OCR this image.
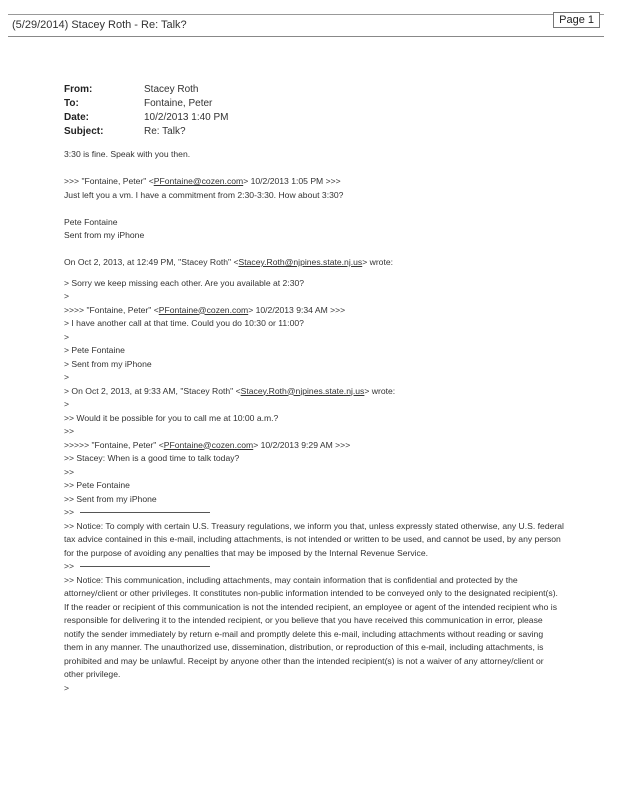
(5/29/2014) Stacey Roth - Re: Talk?	Page 1
From:	Stacey Roth
To:	Fontaine, Peter
Date:	10/2/2013 1:40 PM
Subject:	Re: Talk?
3:30 is fine. Speak with you then.
>>> "Fontaine, Peter" <PFontaine@cozen.com> 10/2/2013 1:05 PM >>>
Just left you a vm. I have a commitment from 2:30-3:30. How about 3:30?
Pete Fontaine
Sent from my iPhone
On Oct 2, 2013, at 12:49 PM, "Stacey Roth" <Stacey.Roth@njpines.state.nj.us> wrote:
> Sorry we keep missing each other. Are you available at 2:30?
>
>>>> "Fontaine, Peter" <PFontaine@cozen.com> 10/2/2013 9:34 AM >>>
> I have another call at that time. Could you do 10:30 or 11:00?
>
> Pete Fontaine
> Sent from my iPhone
>
> On Oct 2, 2013, at 9:33 AM, "Stacey Roth" <Stacey.Roth@njpines.state.nj.us> wrote:
>
>> Would it be possible for you to call me at 10:00 a.m.?
>>
>>>>> "Fontaine, Peter" <PFontaine@cozen.com> 10/2/2013 9:29 AM >>>
>> Stacey: When is a good time to talk today?
>>
>> Pete Fontaine
>> Sent from my iPhone
>>
>> Notice: To comply with certain U.S. Treasury regulations, we inform you that, unless expressly stated otherwise, any U.S. federal tax advice contained in this e-mail, including attachments, is not intended or written to be used, and cannot be used, by any person for the purpose of avoiding any penalties that may be imposed by the Internal Revenue Service.
>>
>> Notice: This communication, including attachments, may contain information that is confidential and protected by the attorney/client or other privileges. It constitutes non-public information intended to be conveyed only to the designated recipient(s). If the reader or recipient of this communication is not the intended recipient, an employee or agent of the intended recipient who is responsible for delivering it to the intended recipient, or you believe that you have received this communication in error, please notify the sender immediately by return e-mail and promptly delete this e-mail, including attachments without reading or saving them in any manner. The unauthorized use, dissemination, distribution, or reproduction of this e-mail, including attachments, is prohibited and may be unlawful. Receipt by anyone other than the intended recipient(s) is not a waiver of any attorney/client or other privilege.
>
